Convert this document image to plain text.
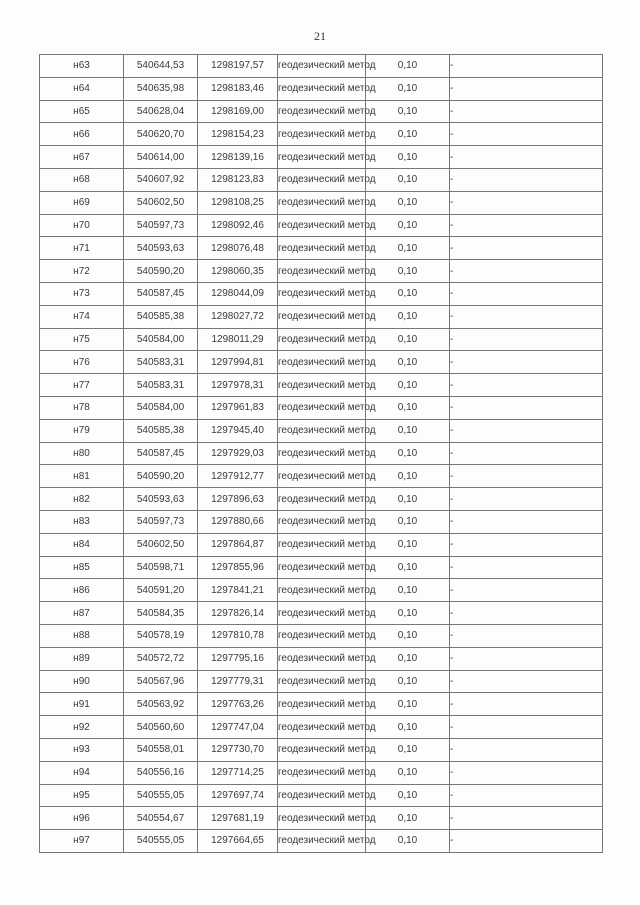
21
н63	540644,53	1298197,57	геодезический метод	0,10	-
н64	540635,98	1298183,46	геодезический метод	0,10	-
н65	540628,04	1298169,00	геодезический метод	0,10	-
н66	540620,70	1298154,23	геодезический метод	0,10	-
н67	540614,00	1298139,16	геодезический метод	0,10	-
н68	540607,92	1298123,83	геодезический метод	0,10	-
н69	540602,50	1298108,25	геодезический метод	0,10	-
н70	540597,73	1298092,46	геодезический метод	0,10	-
н71	540593,63	1298076,48	геодезический метод	0,10	-
н72	540590,20	1298060,35	геодезический метод	0,10	-
н73	540587,45	1298044,09	геодезический метод	0,10	-
н74	540585,38	1298027,72	геодезический метод	0,10	-
н75	540584,00	1298011,29	геодезический метод	0,10	-
н76	540583,31	1297994,81	геодезический метод	0,10	-
н77	540583,31	1297978,31	геодезический метод	0,10	-
н78	540584,00	1297961,83	геодезический метод	0,10	-
н79	540585,38	1297945,40	геодезический метод	0,10	-
н80	540587,45	1297929,03	геодезический метод	0,10	-
н81	540590,20	1297912,77	геодезический метод	0,10	-
н82	540593,63	1297896,63	геодезический метод	0,10	-
н83	540597,73	1297880,66	геодезический метод	0,10	-
н84	540602,50	1297864,87	геодезический метод	0,10	-
н85	540598,71	1297855,96	геодезический метод	0,10	-
н86	540591,20	1297841,21	геодезический метод	0,10	-
н87	540584,35	1297826,14	геодезический метод	0,10	-
н88	540578,19	1297810,78	геодезический метод	0,10	-
н89	540572,72	1297795,16	геодезический метод	0,10	-
н90	540567,96	1297779,31	геодезический метод	0,10	-
н91	540563,92	1297763,26	геодезический метод	0,10	-
н92	540560,60	1297747,04	геодезический метод	0,10	-
н93	540558,01	1297730,70	геодезический метод	0,10	-
н94	540556,16	1297714,25	геодезический метод	0,10	-
н95	540555,05	1297697,74	геодезический метод	0,10	-
н96	540554,67	1297681,19	геодезический метод	0,10	-
н97	540555,05	1297664,65	геодезический метод	0,10	-
